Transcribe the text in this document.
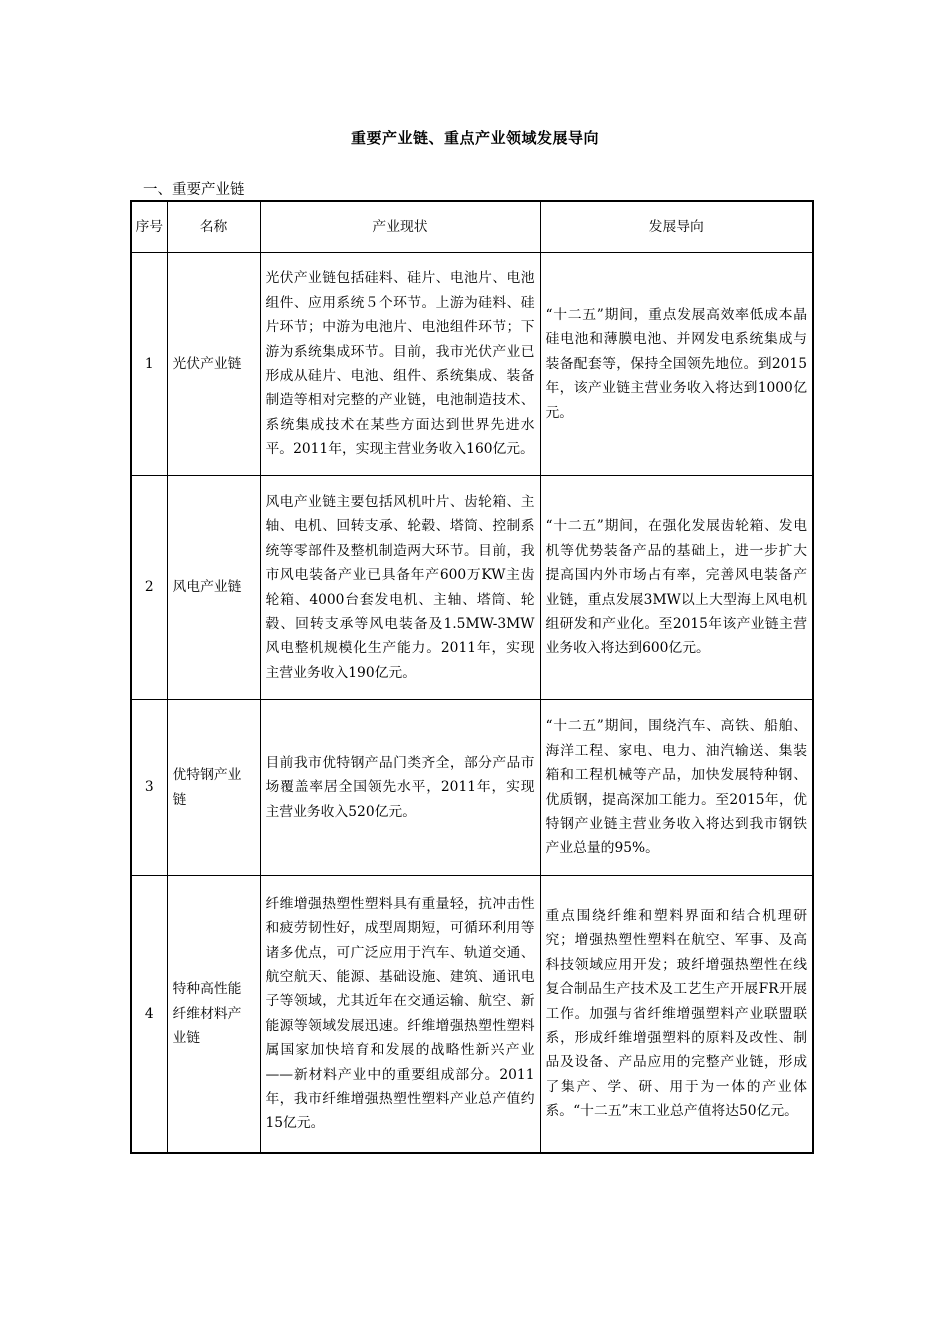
重要产业链、重点产业领域发展导向
一、重要产业链
序号	名称	产业现状	发展导向
1	光伏产业链	光伏产业链包括硅料、硅片、电池片、电池组件、应用系统５个环节。上游为硅料、硅片环节；中游为电池片、电池组件环节；下游为系统集成环节。目前，我市光伏产业已形成从硅片、电池、组件、系统集成、装备制造等相对完整的产业链，电池制造技术、系统集成技术在某些方面达到世界先进水平。2011年，实现主营业务收入160亿元。	“十二五”期间，重点发展高效率低成本晶硅电池和薄膜电池、并网发电系统集成与装备配套等，保持全国领先地位。到2015年，该产业链主营业务收入将达到1000亿元。
2	风电产业链	风电产业链主要包括风机叶片、齿轮箱、主轴、电机、回转支承、轮毂、塔筒、控制系统等零部件及整机制造两大环节。目前，我市风电装备产业已具备年产600万KW主齿轮箱、4000台套发电机、主轴、塔筒、轮毂、回转支承等风电装备及1.5MW-3MW风电整机规模化生产能力。2011年，实现主营业务收入190亿元。	“十二五”期间，在强化发展齿轮箱、发电机等优势装备产品的基础上，进一步扩大提高国内外市场占有率，完善风电装备产业链，重点发展3MW以上大型海上风电机组研发和产业化。至2015年该产业链主营业务收入将达到600亿元。
3	优特钢产业链	目前我市优特钢产品门类齐全，部分产品市场覆盖率居全国领先水平，2011年，实现主营业务收入520亿元。	“十二五”期间，围绕汽车、高铁、船舶、海洋工程、家电、电力、油汽输送、集装箱和工程机械等产品，加快发展特种钢、优质钢，提高深加工能力。至2015年，优特钢产业链主营业务收入将达到我市钢铁产业总量的95%。
4	特种高性能纤维材料产业链	纤维增强热塑性塑料具有重量轻，抗冲击性和疲劳韧性好，成型周期短，可循环利用等诸多优点，可广泛应用于汽车、轨道交通、航空航天、能源、基础设施、建筑、通讯电子等领域，尤其近年在交通运输、航空、新能源等领域发展迅速。纤维增强热塑性塑料属国家加快培育和发展的战略性新兴产业——新材料产业中的重要组成部分。2011年，我市纤维增强热塑性塑料产业总产值约15亿元。	重点围绕纤维和塑料界面和结合机理研究；增强热塑性塑料在航空、军事、及高科技领域应用开发；玻纤增强热塑性在线复合制品生产技术及工艺生产开展FR开展工作。加强与省纤维增强塑料产业联盟联系，形成纤维增强塑料的原料及改性、制品及设备、产品应用的完整产业链，形成了集产、学、研、用于为一体的产业体系。“十二五”末工业总产值将达50亿元。
